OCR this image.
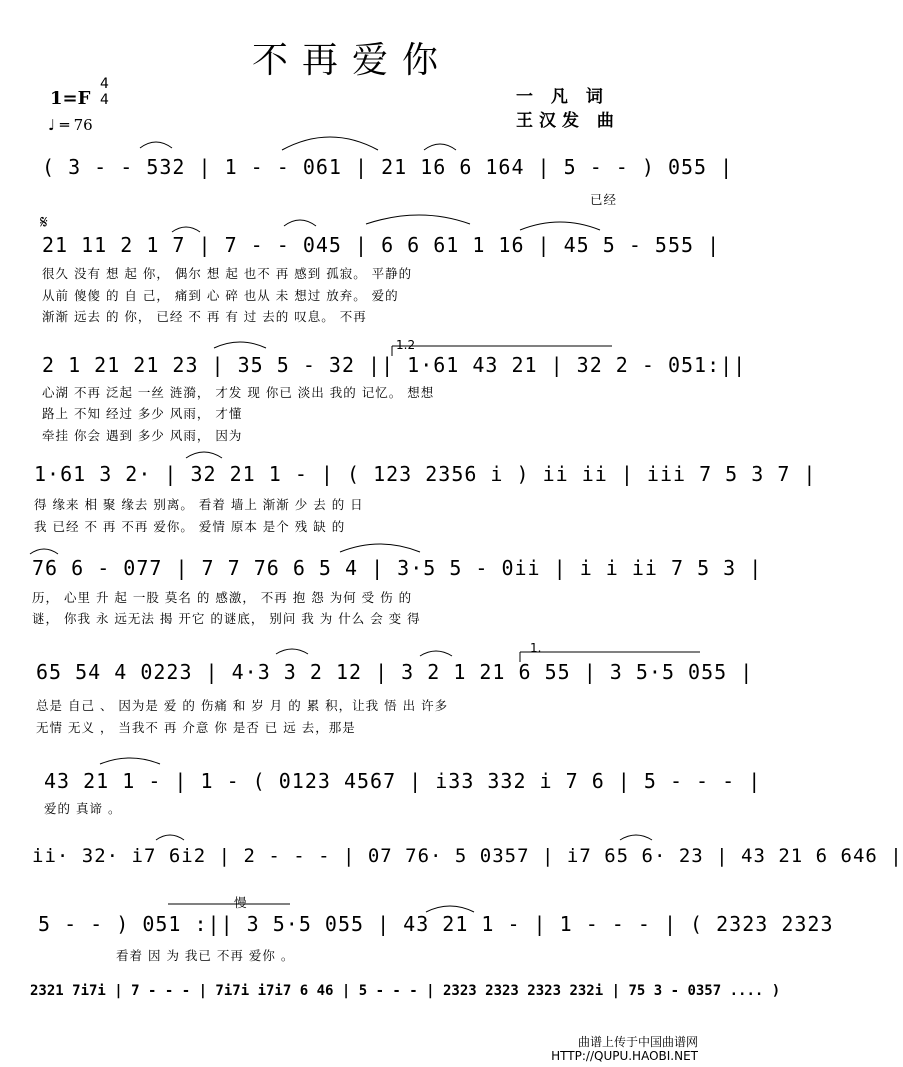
不再爱你
1=F
4
4
♩ ═ 76
一 凡 词
王汉发 曲
( 3 - - 532 | 1 - - 061 | 21 16 6 164 | 5 - - ) 055 |
已经
𝄋
21 11 2 1 7 | 7 - - 045 | 6 6 61 1 16 | 45 5 - 555 |
很久 没有 想 起 你， 偶尔 想 起 也不 再 感到 孤寂。 平静的
从前 傻傻 的 自 己， 痛到 心 碎 也从 未 想过 放弃。 爱的
渐渐 远去 的 你， 已经 不 再 有 过 去的 叹息。 不再
1.2
2 1 21 21 23 | 35 5 - 32 || 1·61 43 21 | 32 2 - 051:||
心湖 不再 泛起 一丝 涟漪， 才发 现 你已 淡出 我的 记忆。 想想
路上 不知 经过 多少 风雨， 才懂
牵挂 你会 遇到 多少 风雨， 因为
1·61 3 2· | 32 21 1 - | ( 123 2356 i ) ii ii | iii 7 5 3 7 |
得 缘来 相 聚 缘去 别离。 看着 墙上 渐渐 少 去 的 日
我 已经 不 再 不再 爱你。 爱情 原本 是个 残 缺 的
76 6 - 077 | 7 7 76 6 5 4 | 3·5 5 - 0ii | i i ii 7 5 3 |
历， 心里 升 起 一股 莫名 的 感激， 不再 抱 怨 为何 受 伤 的
谜， 你我 永 远无法 揭 开它 的谜底， 别问 我 为 什么 会 变 得
1.
65 54 4 0223 | 4·3 3 2 12 | 3 2 1 21 6 55 | 3 5·5 055 |
总是 自己 、 因为是 爱 的 伤痛 和 岁 月 的 累 积，让我 悟 出 许多
无情 无义 ， 当我不 再 介意 你 是否 已 远 去，那是
43 21 1 - | 1 - ( 0123 4567 | i33 332 i 7 6 | 5 - - - |
爱的 真谛 。
ii· 32· i7 6i2 | 2 - - - | 07 76· 5 0357 | i7 65 6· 23 | 43 21 6 646 |
慢
5 - - ) 051 :|| 3 5·5 055 | 43 21 1 - | 1 - - - | ( 2323 2323
看着 因 为 我已 不再 爱你 。
2321 7i7i | 7 - - - | 7i7i i7i7 6 46 | 5 - - - | 2323 2323 2323 232i | 75 3 - 0357 .... )
曲谱上传于中国曲谱网
HTTP://QUPU.HAOBI.NET
